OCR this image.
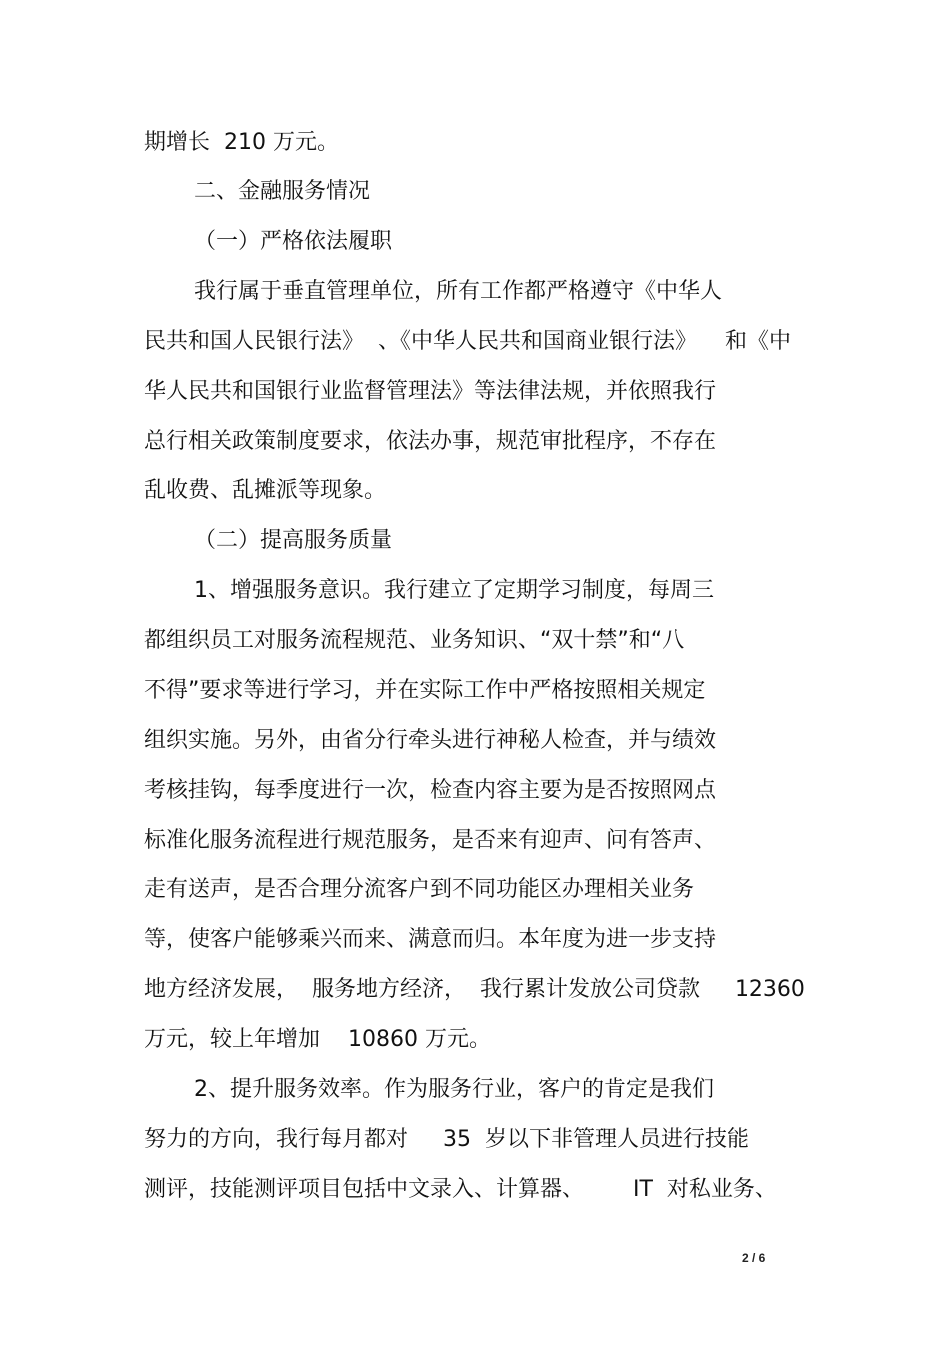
期增长  210 万元。
二、金融服务情况
（一）严格依法履职
我行属于垂直管理单位，所有工作都严格遵守《中华人
民共和国人民银行法》  、《中华人民共和国商业银行法》    和《中
华人民共和国银行业监督管理法》等法律法规，并依照我行
总行相关政策制度要求，依法办事，规范审批程序，不存在
乱收费、乱摊派等现象。
（二）提高服务质量
1、增强服务意识。我行建立了定期学习制度，每周三
都组织员工对服务流程规范、业务知识、“双十禁”和“八
不得”要求等进行学习，并在实际工作中严格按照相关规定
组织实施。另外，由省分行牵头进行神秘人检查，并与绩效
考核挂钩，每季度进行一次，检查内容主要为是否按照网点
标准化服务流程进行规范服务，是否来有迎声、问有答声、
走有送声，是否合理分流客户到不同功能区办理相关业务
等，使客户能够乘兴而来、满意而归。本年度为进一步支持
地方经济发展，  服务地方经济，  我行累计发放公司贷款     12360
万元，较上年增加    10860 万元。
2、提升服务效率。作为服务行业，客户的肯定是我们
努力的方向，我行每月都对     35  岁以下非管理人员进行技能
测评，技能测评项目包括中文录入、计算器、       IT  对私业务、
2 / 6
